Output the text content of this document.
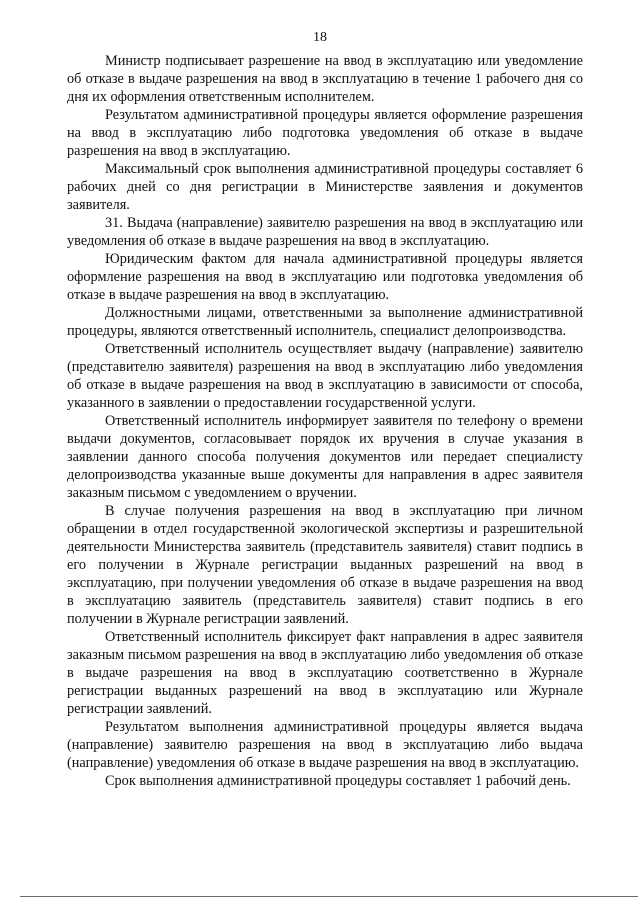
18

Министр подписывает разрешение на ввод в эксплуатацию или уведомление об отказе в выдаче разрешения на ввод в эксплуатацию в течение 1 рабочего дня со дня их оформления ответственным исполнителем.

Результатом административной процедуры является оформление разрешения на ввод в эксплуатацию либо подготовка уведомления об отказе в выдаче разрешения на ввод в эксплуатацию.

Максимальный срок выполнения административной процедуры составляет 6 рабочих дней со дня регистрации в Министерстве заявления и документов заявителя.

31. Выдача (направление) заявителю разрешения на ввод в эксплуатацию или уведомления об отказе в выдаче разрешения на ввод в эксплуатацию.

Юридическим фактом для начала административной процедуры является оформление разрешения на ввод в эксплуатацию или подготовка уведомления об отказе в выдаче разрешения на ввод в эксплуатацию.

Должностными лицами, ответственными за выполнение административной процедуры, являются ответственный исполнитель, специалист делопроизводства.

Ответственный исполнитель осуществляет выдачу (направление) заявителю (представителю заявителя) разрешения на ввод в эксплуатацию либо уведомления об отказе в выдаче разрешения на ввод в эксплуатацию в зависимости от способа, указанного в заявлении о предоставлении государственной услуги.

Ответственный исполнитель информирует заявителя по телефону о времени выдачи документов, согласовывает порядок их вручения в случае указания в заявлении данного способа получения документов или передает специалисту делопроизводства указанные выше документы для направления в адрес заявителя заказным письмом с уведомлением о вручении.

В случае получения разрешения на ввод в эксплуатацию при личном обращении в отдел государственной экологической экспертизы и разрешительной деятельности Министерства заявитель (представитель заявителя) ставит подпись в его получении в Журнале регистрации выданных разрешений на ввод в эксплуатацию, при получении уведомления об отказе в выдаче разрешения на ввод в эксплуатацию заявитель (представитель заявителя) ставит подпись в его получении в Журнале регистрации заявлений.

Ответственный исполнитель фиксирует факт направления в адрес заявителя заказным письмом разрешения на ввод в эксплуатацию либо уведомления об отказе в выдаче разрешения на ввод в эксплуатацию соответственно в Журнале регистрации выданных разрешений на ввод в эксплуатацию или Журнале регистрации заявлений.

Результатом выполнения административной процедуры является выдача (направление) заявителю разрешения на ввод в эксплуатацию либо выдача (направление) уведомления об отказе в выдаче разрешения на ввод в эксплуатацию.

Срок выполнения административной процедуры составляет 1 рабочий день.
